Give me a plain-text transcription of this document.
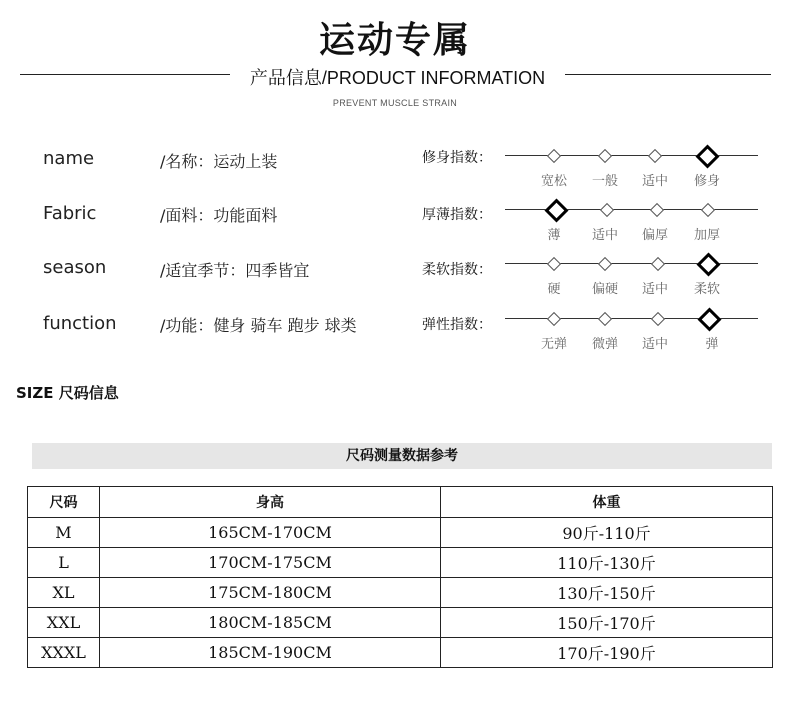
运动专属
产品信息/PRODUCT INFORMATION
PREVENT MUSCLE STRAIN
name	/名称：运动上装
Fabric	/面料：功能面料
season	/适宜季节：四季皆宜
function	/功能：健身 骑车 跑步 球类
修身指数：
宽松	一般	适中	修身
厚薄指数：
薄	适中	偏厚	加厚
柔软指数：
硬	偏硬	适中	柔软
弹性指数：
无弹	微弹	适中	弹
SIZE 尺码信息
尺码测量数据参考
尺码	身高	体重
M	165CM-170CM	90斤-110斤
L	170CM-175CM	110斤-130斤
XL	175CM-180CM	130斤-150斤
XXL	180CM-185CM	150斤-170斤
XXXL	185CM-190CM	170斤-190斤
